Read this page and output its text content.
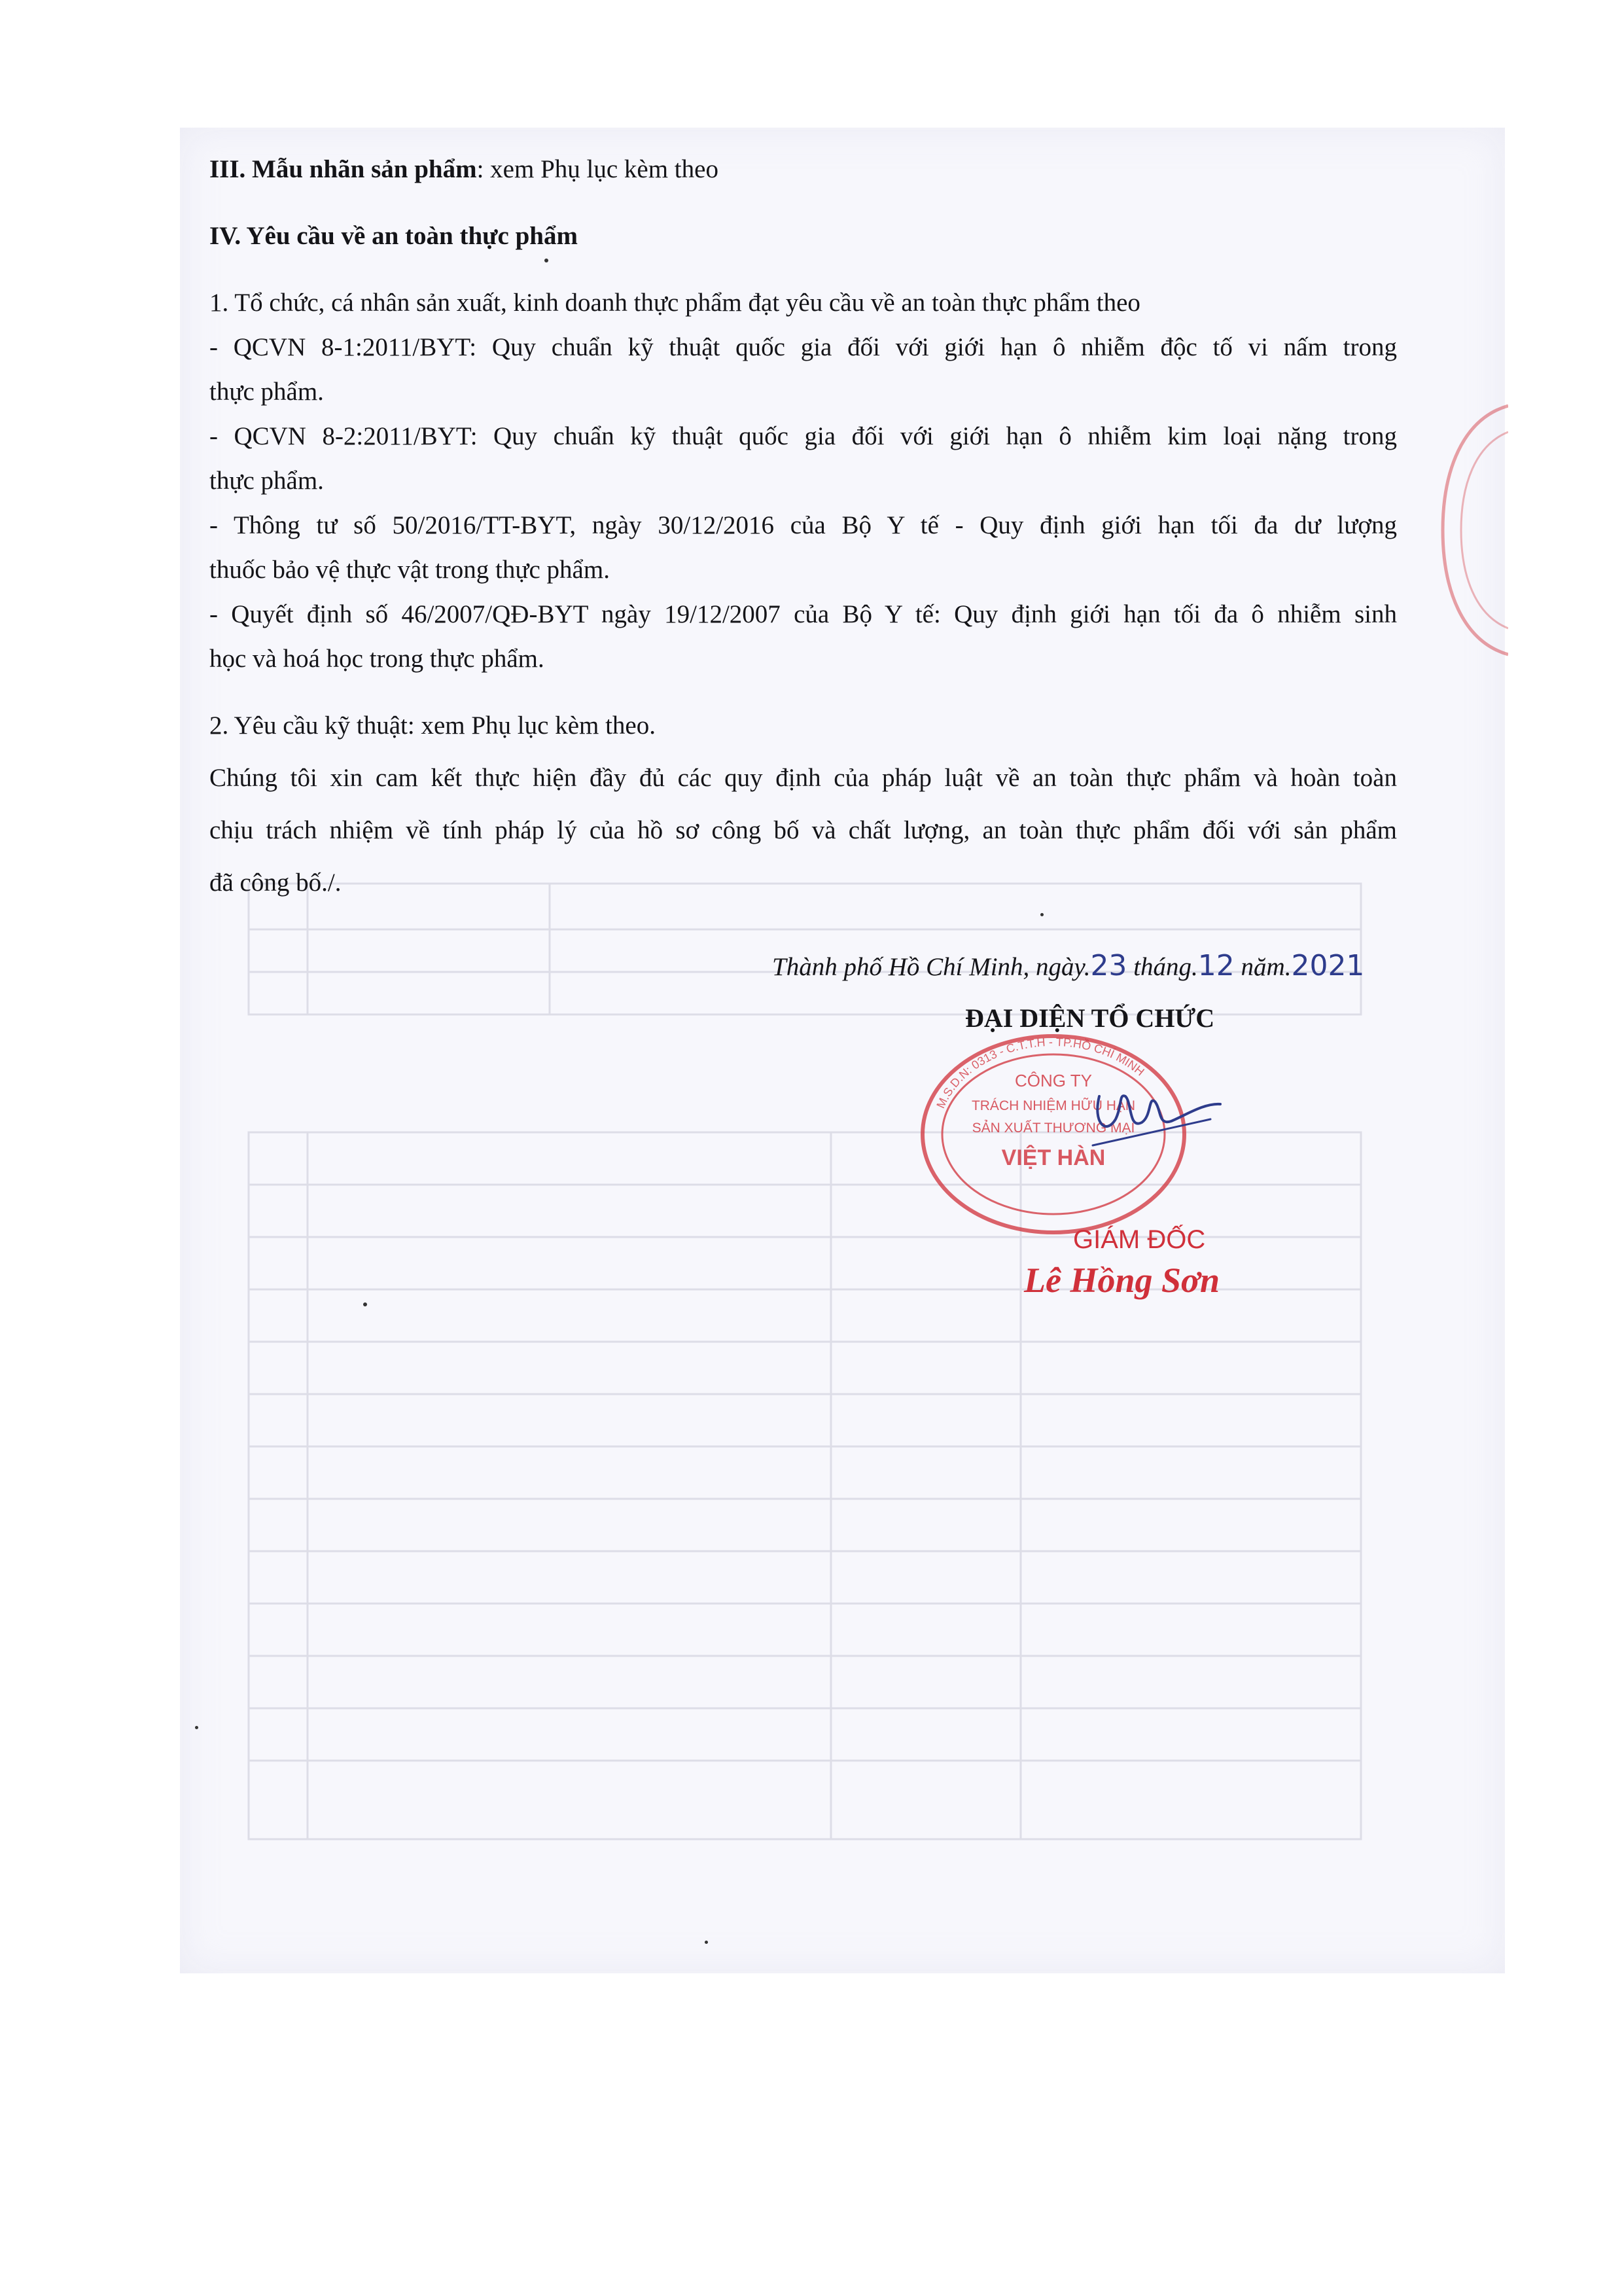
III. Mẫu nhãn sản phẩm: xem Phụ lục kèm theo

IV. Yêu cầu về an toàn thực phẩm

1. Tổ chức, cá nhân sản xuất, kinh doanh thực phẩm đạt yêu cầu về an toàn thực phẩm theo

- QCVN 8-1:2011/BYT: Quy chuẩn kỹ thuật quốc gia đối với giới hạn ô nhiễm độc tố vi nấm trong

thực phẩm.

- QCVN 8-2:2011/BYT: Quy chuẩn kỹ thuật quốc gia đối với giới hạn ô nhiễm kim loại nặng trong

thực phẩm.

- Thông tư số 50/2016/TT-BYT, ngày 30/12/2016 của Bộ Y tế - Quy định giới hạn tối đa dư lượng

thuốc bảo vệ thực vật trong thực phẩm.

- Quyết định số 46/2007/QĐ-BYT ngày 19/12/2007 của Bộ Y tế: Quy định giới hạn tối đa ô nhiễm sinh

học và hoá học trong thực phẩm.

2. Yêu cầu kỹ thuật: xem Phụ lục kèm theo.

Chúng tôi xin cam kết thực hiện đầy đủ các quy định của pháp luật về an toàn thực phẩm và hoàn toàn

chịu trách nhiệm về tính pháp lý của hồ sơ công bố và chất lượng, an toàn thực phẩm đối với sản phẩm

đã công bố./.

Thành phố Hồ Chí Minh, ngày.23 tháng.12 năm.2021
ĐẠI DIỆN TỔ CHỨC
CÔNG TY
TRÁCH NHIỆM HỮU HẠN
SẢN XUẤT THƯƠNG MẠI
VIỆT HÀN
M.S.D.N: 0313 - C.T.T.H - TP.HỒ CHÍ MINH
GIÁM ĐỐC
Lê Hồng Sơn
